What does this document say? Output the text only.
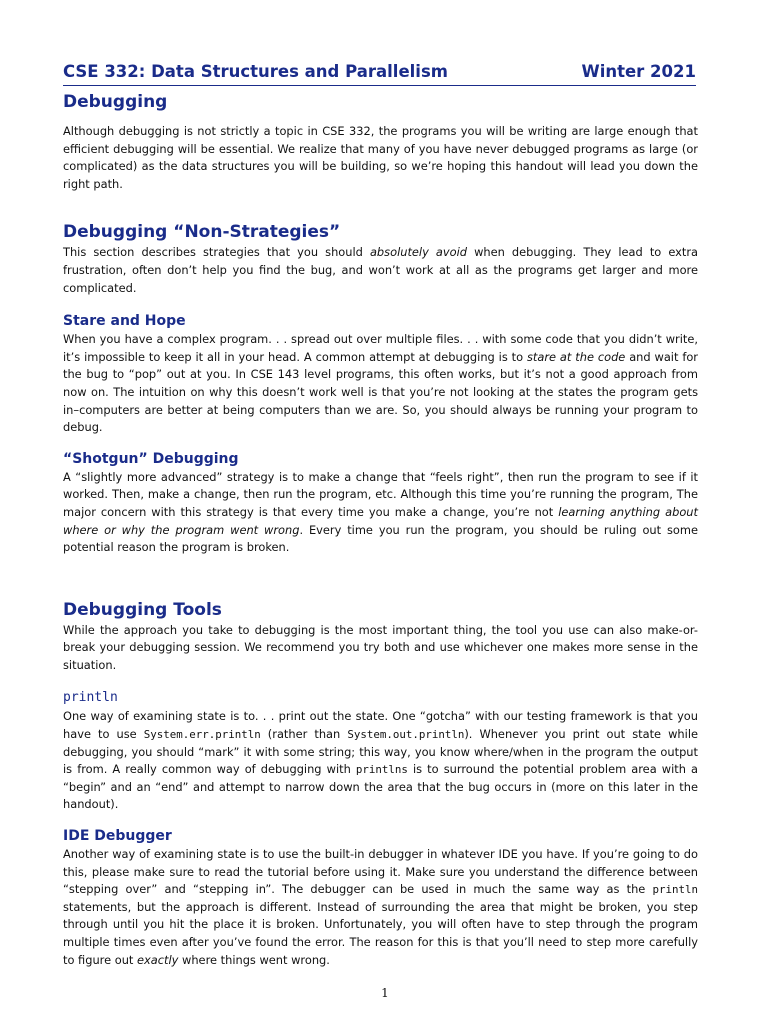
CSE 332: Data Structures and Parallelism	Winter 2021
Debugging

Although debugging is not strictly a topic in CSE 332, the programs you will be writing are large enough that efficient debugging will be essential. We realize that many of you have never debugged programs as large (or complicated) as the data structures you will be building, so we’re hoping this handout will lead you down the right path.

Debugging “Non-Strategies”

This section describes strategies that you should absolutely avoid when debugging. They lead to extra frustration, often don’t help you find the bug, and won’t work at all as the programs get larger and more complicated.

Stare and Hope

When you have a complex program. . . spread out over multiple files. . . with some code that you didn’t write, it’s impossible to keep it all in your head. A common attempt at debugging is to stare at the code and wait for the bug to “pop” out at you. In CSE 143 level programs, this often works, but it’s not a good approach from now on. The intuition on why this doesn’t work well is that you’re not looking at the states the program gets in–computers are better at being computers than we are. So, you should always be running your program to debug.

“Shotgun” Debugging

A “slightly more advanced” strategy is to make a change that “feels right”, then run the program to see if it worked. Then, make a change, then run the program, etc. Although this time you’re running the program, The major concern with this strategy is that every time you make a change, you’re not learning anything about where or why the program went wrong. Every time you run the program, you should be ruling out some potential reason the program is broken.

Debugging Tools

While the approach you take to debugging is the most important thing, the tool you use can also make-or-break your debugging session. We recommend you try both and use whichever one makes more sense in the situation.

println

One way of examining state is to. . . print out the state. One “gotcha” with our testing framework is that you have to use System.err.println (rather than System.out.println). Whenever you print out state while debugging, you should “mark” it with some string; this way, you know where/when in the program the output is from. A really common way of debugging with printlns is to surround the potential problem area with a “begin” and an “end” and attempt to narrow down the area that the bug occurs in (more on this later in the handout).

IDE Debugger

Another way of examining state is to use the built-in debugger in whatever IDE you have. If you’re going to do this, please make sure to read the tutorial before using it. Make sure you understand the difference between “stepping over” and “stepping in”. The debugger can be used in much the same way as the println statements, but the approach is different. Instead of surrounding the area that might be broken, you step through until you hit the place it is broken. Unfortunately, you will often have to step through the program multiple times even after you’ve found the error. The reason for this is that you’ll need to step more carefully to figure out exactly where things went wrong.

1
